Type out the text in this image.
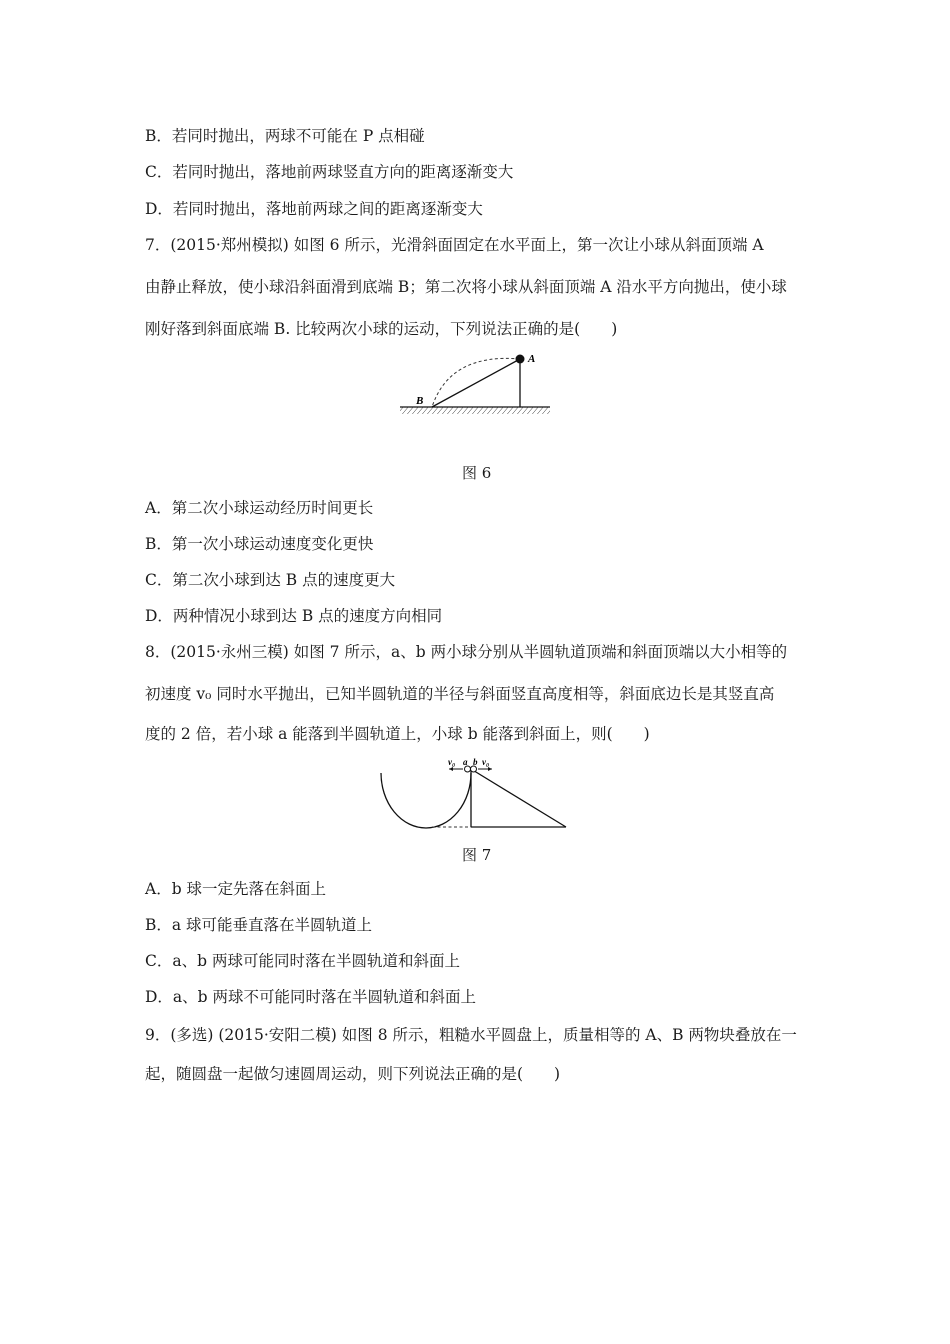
B．若同时抛出，两球不可能在 P 点相碰
C．若同时抛出，落地前两球竖直方向的距离逐渐变大
D．若同时抛出，落地前两球之间的距离逐渐变大
7．(2015·郑州模拟) 如图 6 所示，光滑斜面固定在水平面上，第一次让小球从斜面顶端 A
由静止释放，使小球沿斜面滑到底端 B；第二次将小球从斜面顶端 A 沿水平方向抛出，使小球
刚好落到斜面底端 B. 比较两次小球的运动，下列说法正确的是(　　)
A
B
图 6
A．第二次小球运动经历时间更长
B．第一次小球运动速度变化更快
C．第二次小球到达 B 点的速度更大
D．两种情况小球到达 B 点的速度方向相同
8．(2015·永州三模) 如图 7 所示，a、b 两小球分别从半圆轨道顶端和斜面顶端以大小相等的
初速度 v₀ 同时水平抛出，已知半圆轨道的半径与斜面竖直高度相等，斜面底边长是其竖直高
度的 2 倍，若小球 a 能落到半圆轨道上，小球 b 能落到斜面上，则(　　)
v₀ a b v₀
图 7
A．b 球一定先落在斜面上
B．a 球可能垂直落在半圆轨道上
C．a、b 两球可能同时落在半圆轨道和斜面上
D．a、b 两球不可能同时落在半圆轨道和斜面上
9．(多选) (2015·安阳二模) 如图 8 所示，粗糙水平圆盘上，质量相等的 A、B 两物块叠放在一
起，随圆盘一起做匀速圆周运动，则下列说法正确的是(　　)
